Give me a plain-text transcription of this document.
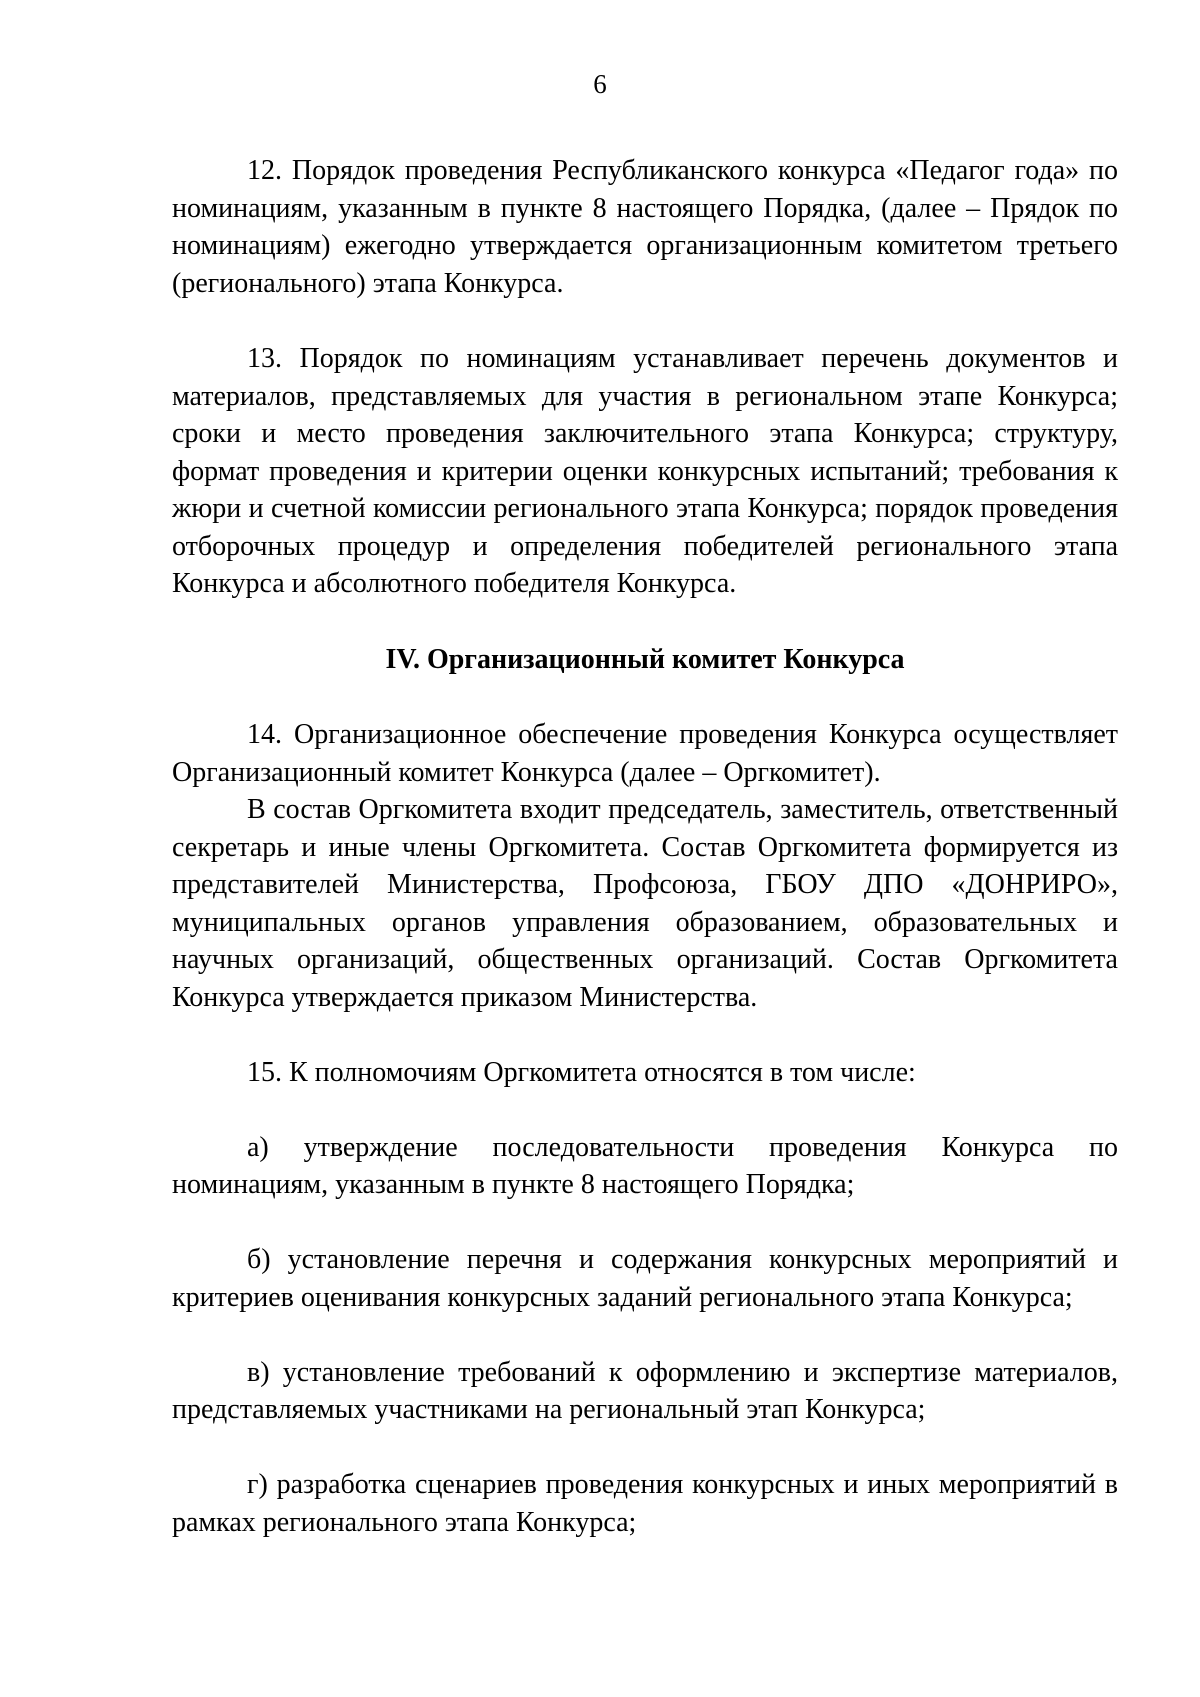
6

12. Порядок проведения Республиканского конкурса «Педагог года» по номинациям, указанным в пункте 8 настоящего Порядка, (далее – Прядок по номинациям) ежегодно утверждается организационным комитетом третьего (регионального) этапа Конкурса.

13. Порядок по номинациям устанавливает перечень документов и материалов, представляемых для участия в региональном этапе Конкурса; сроки и место проведения заключительного этапа Конкурса; структуру, формат проведения и критерии оценки конкурсных испытаний; требования к жюри и счетной комиссии регионального этапа Конкурса; порядок проведения отборочных процедур и определения победителей регионального этапа Конкурса и абсолютного победителя Конкурса.

IV. Организационный комитет Конкурса

14. Организационное обеспечение проведения Конкурса осуществляет Организационный комитет Конкурса (далее – Оргкомитет).

В состав Оргкомитета входит председатель, заместитель, ответственный секретарь и иные члены Оргкомитета. Состав Оргкомитета формируется из представителей Министерства, Профсоюза, ГБОУ ДПО «ДОНРИРО», муниципальных органов управления образованием, образовательных и научных организаций, общественных организаций. Состав Оргкомитета Конкурса утверждается приказом Министерства.

15. К полномочиям Оргкомитета относятся в том числе:

а) утверждение последовательности проведения Конкурса по номинациям, указанным в пункте 8 настоящего Порядка;

б) установление перечня и содержания конкурсных мероприятий и критериев оценивания конкурсных заданий регионального этапа Конкурса;

в) установление требований к оформлению и экспертизе материалов, представляемых участниками на региональный этап Конкурса;

г) разработка сценариев проведения конкурсных и иных мероприятий в рамках регионального этапа Конкурса;
